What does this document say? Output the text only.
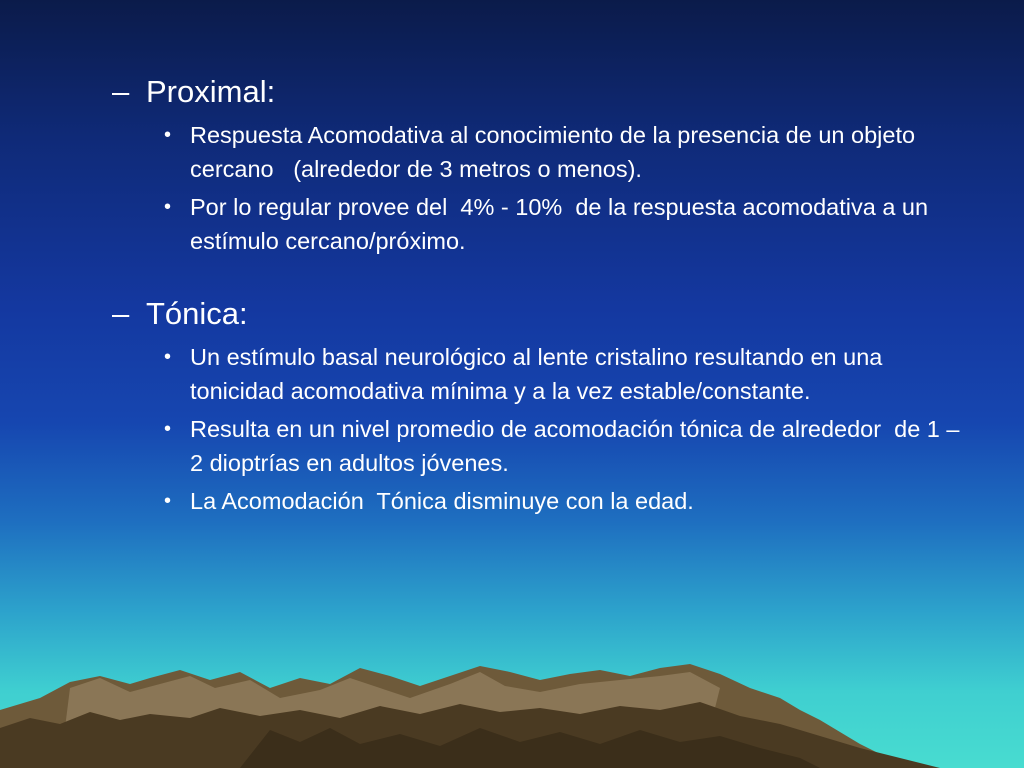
– Proximal:
• Respuesta Acomodativa al conocimiento de la presencia de un objeto cercano   (alrededor de 3 metros o menos).
• Por lo regular provee del  4% - 10%  de la respuesta acomodativa a un estímulo cercano/próximo.
– Tónica:
• Un estímulo basal neurológico al lente cristalino resultando en una tonicidad acomodativa mínima y a la vez estable/constante.
• Resulta en un nivel promedio de acomodación tónica de alrededor  de 1 – 2 dioptrías en adultos jóvenes.
• La Acomodación  Tónica disminuye con la edad.
